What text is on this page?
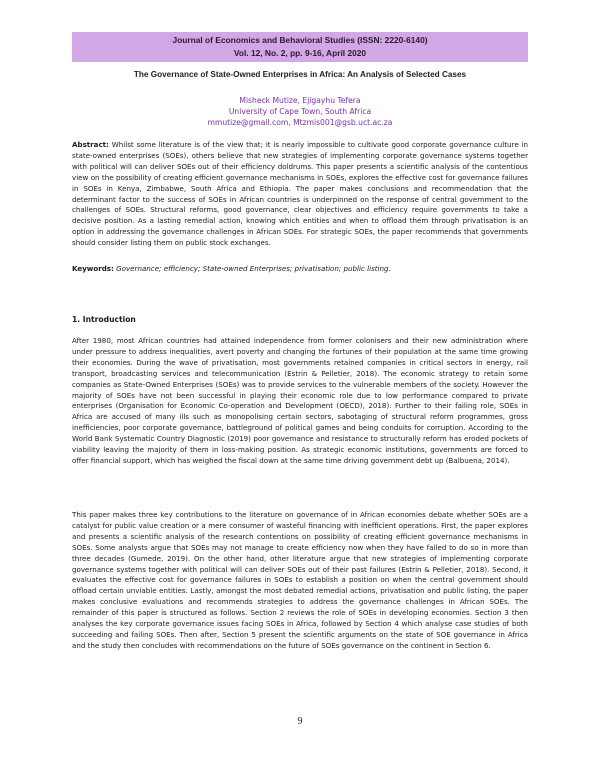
Journal of Economics and Behavioral Studies (ISSN: 2220-6140)
Vol. 12, No. 2, pp. 9-16, April 2020
The Governance of State-Owned Enterprises in Africa: An Analysis of Selected Cases
Misheck Mutize, Ejigayhu Tefera
University of Cape Town, South Africa
mmutize@gmail.com, Mtzmis001@gsb.uct.ac.za
Abstract: Whilst some literature is of the view that; it is nearly impossible to cultivate good corporate governance culture in state-owned enterprises (SOEs), others believe that new strategies of implementing corporate governance systems together with political will can deliver SOEs out of their efficiency doldrums. This paper presents a scientific analysis of the contentious view on the possibility of creating efficient governance mechanisms in SOEs, explores the effective cost for governance failures in SOEs in Kenya, Zimbabwe, South Africa and Ethiopia. The paper makes conclusions and recommendation that the determinant factor to the success of SOEs in African countries is underpinned on the response of central government to the challenges of SOEs. Structural reforms, good governance, clear objectives and efficiency require governments to take a decisive position. As a lasting remedial action, knowing which entities and when to offload them through privatisation is an option in addressing the governance challenges in African SOEs. For strategic SOEs, the paper recommends that governments should consider listing them on public stock exchanges.
Keywords: Governance; efficiency; State-owned Enterprises; privatisation; public listing.
1. Introduction
After 1980, most African countries had attained independence from former colonisers and their new administration where under pressure to address inequalities, avert poverty and changing the fortunes of their population at the same time growing their economies. During the wave of privatisation, most governments retained companies in critical sectors in energy, rail transport, broadcasting services and telecommunication (Estrin & Pelletier, 2018). The economic strategy to retain some companies as State-Owned Enterprises (SOEs) was to provide services to the vulnerable members of the society. However the majority of SOEs have not been successful in playing their economic role due to low performance compared to private enterprises (Organisation for Economic Co-operation and Development (OECD), 2018). Further to their failing role, SOEs in Africa are accused of many ills such as monopolising certain sectors, sabotaging of structural reform programmes, gross inefficiencies, poor corporate governance, battleground of political games and being conduits for corruption. According to the World Bank Systematic Country Diagnostic (2019) poor governance and resistance to structurally reform has eroded pockets of viability leaving the majority of them in loss-making position. As strategic economic institutions, governments are forced to offer financial support, which has weighed the fiscal down at the same time driving government debt up (Balbuena, 2014).
This paper makes three key contributions to the literature on governance of in African economies debate whether SOEs are a catalyst for public value creation or a mere consumer of wasteful financing with inefficient operations. First, the paper explores and presents a scientific analysis of the research contentions on possibility of creating efficient governance mechanisms in SOEs. Some analysts argue that SOEs may not manage to create efficiency now when they have failed to do so in more than three decades (Gumede, 2019). On the other hand, other literature argue that new strategies of implementing corporate governance systems together with political will can deliver SOEs out of their past failures (Estrin & Pelletier, 2018). Second, it evaluates the effective cost for governance failures in SOEs to establish a position on when the central government should offload certain unviable entities. Lastly, amongst the most debated remedial actions, privatisation and public listing, the paper makes conclusive evaluations and recommends strategies to address the governance challenges in African SOEs. The remainder of this paper is structured as follows. Section 2 reviews the role of SOEs in developing economies. Section 3 then analyses the key corporate governance issues facing SOEs in Africa, followed by Section 4 which analyse case studies of both succeeding and failing SOEs. Then after, Section 5 present the scientific arguments on the state of SOE governance in Africa and the study then concludes with recommendations on the future of SOEs governance on the continent in Section 6.
9
